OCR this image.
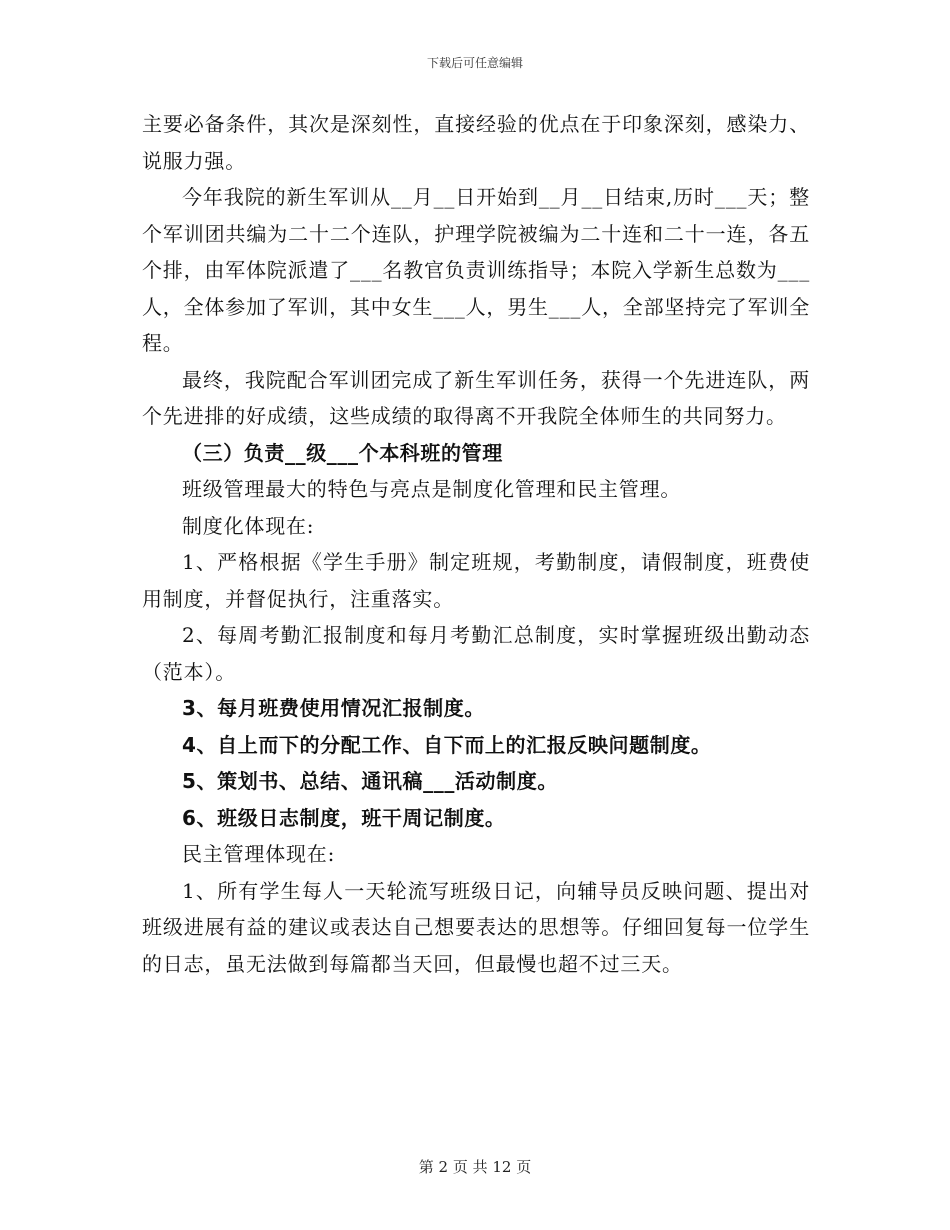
下载后可任意编辑

主要必备条件，其次是深刻性，直接经验的优点在于印象深刻，感染力、说服力强。

今年我院的新生军训从__月__日开始到__月__日结束,历时___天；整个军训团共编为二十二个连队，护理学院被编为二十连和二十一连，各五个排，由军体院派遣了___名教官负责训练指导；本院入学新生总数为___人，全体参加了军训，其中女生___人，男生___人，全部坚持完了军训全程。

最终，我院配合军训团完成了新生军训任务，获得一个先进连队，两个先进排的好成绩，这些成绩的取得离不开我院全体师生的共同努力。

（三）负责__级___个本科班的管理

班级管理最大的特色与亮点是制度化管理和民主管理。

制度化体现在:

1、严格根据《学生手册》制定班规，考勤制度，请假制度，班费使用制度，并督促执行，注重落实。

2、每周考勤汇报制度和每月考勤汇总制度，实时掌握班级出勤动态（范本）。

3、每月班费使用情况汇报制度。

4、自上而下的分配工作、自下而上的汇报反映问题制度。

5、策划书、总结、通讯稿___活动制度。

6、班级日志制度，班干周记制度。

民主管理体现在:

1、所有学生每人一天轮流写班级日记，向辅导员反映问题、提出对班级进展有益的建议或表达自己想要表达的思想等。仔细回复每一位学生的日志，虽无法做到每篇都当天回，但最慢也超不过三天。

第 2 页 共 12 页
